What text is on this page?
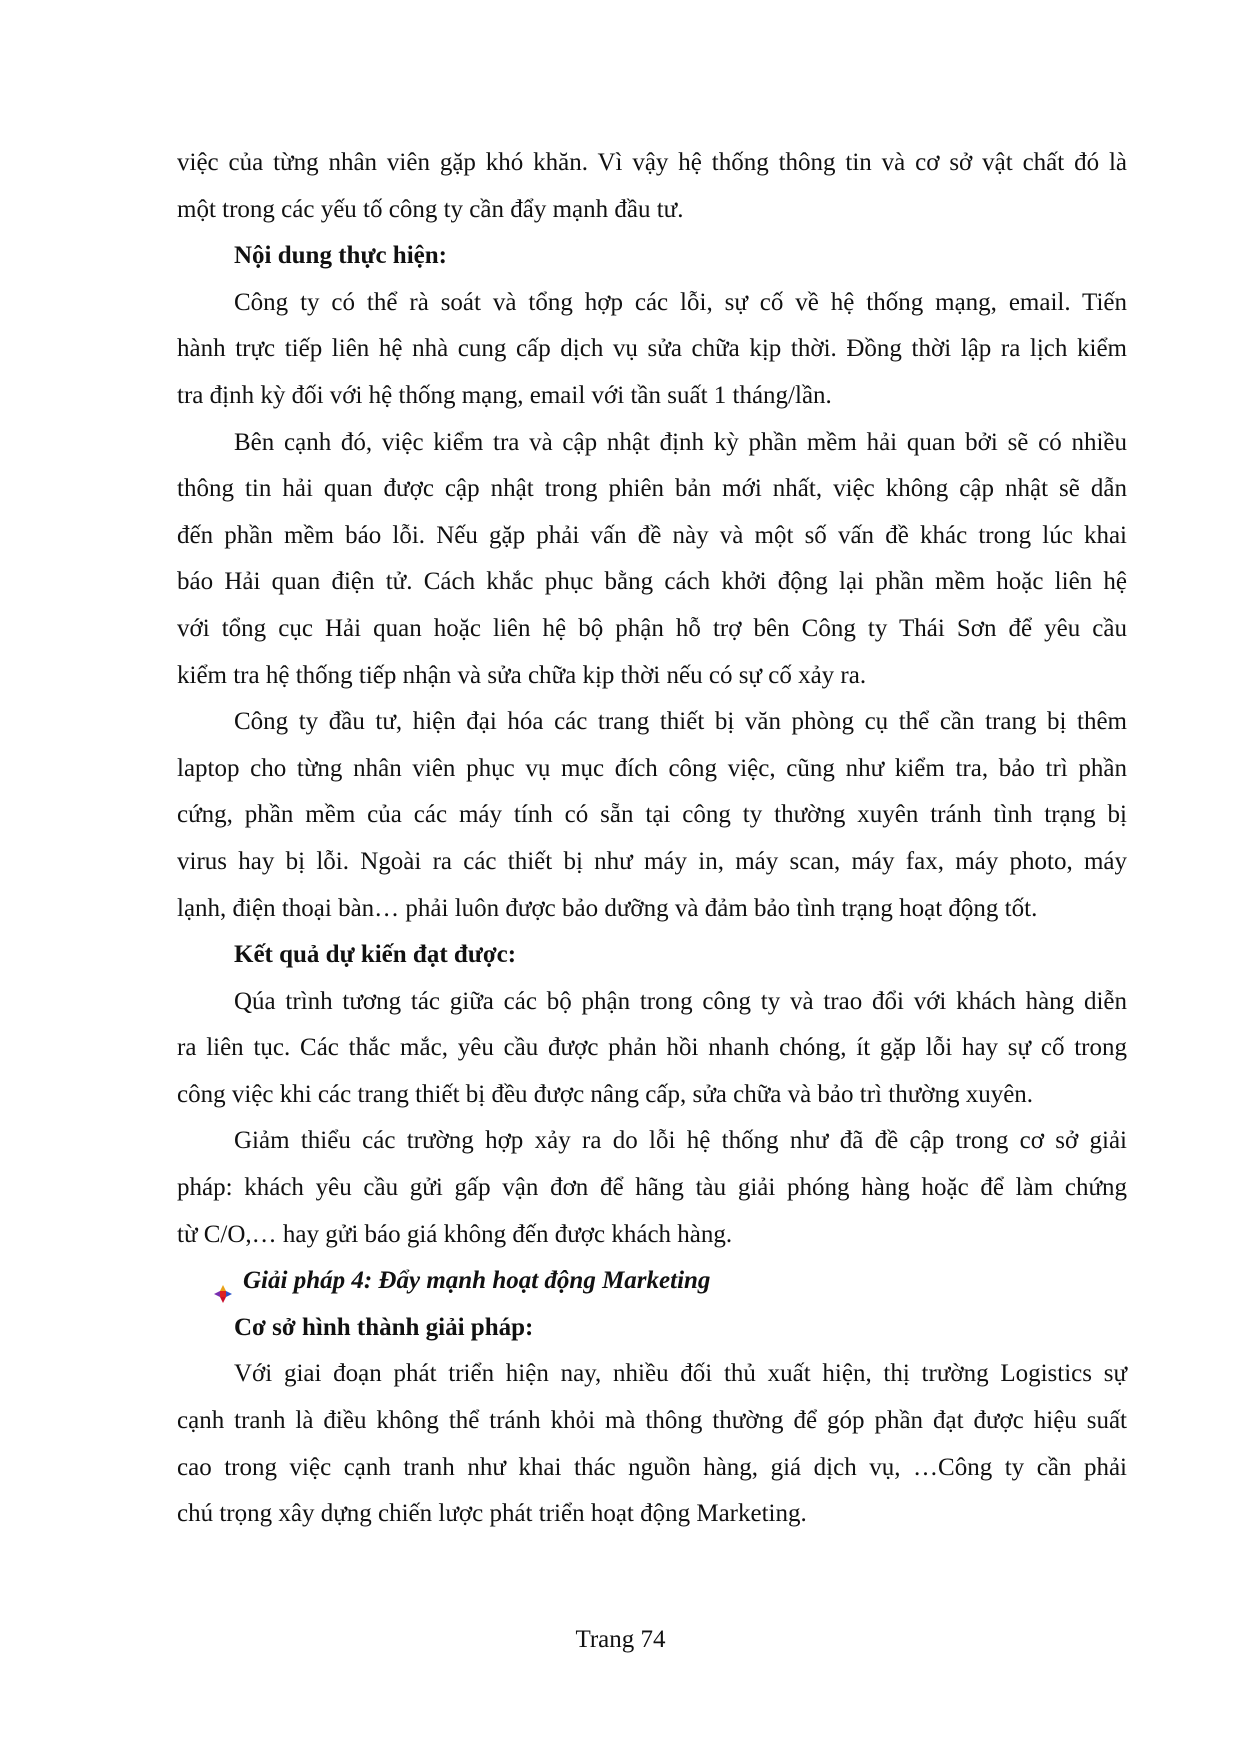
việc của từng nhân viên gặp khó khăn. Vì vậy hệ thống thông tin và cơ sở vật chất đó là
một trong các yếu tố công ty cần đẩy mạnh đầu tư.
Nội dung thực hiện:
Công ty có thể rà soát và tổng hợp các lỗi, sự cố về hệ thống mạng, email. Tiến
hành trực tiếp liên hệ nhà cung cấp dịch vụ sửa chữa kịp thời. Đồng thời lập ra lịch kiểm
tra định kỳ đối với hệ thống mạng, email với tần suất 1 tháng/lần.
Bên cạnh đó, việc kiểm tra và cập nhật định kỳ phần mềm hải quan bởi sẽ có nhiều
thông tin hải quan được cập nhật trong phiên bản mới nhất, việc không cập nhật sẽ dẫn
đến phần mềm báo lỗi. Nếu gặp phải vấn đề này và một số vấn đề khác trong lúc khai
báo Hải quan điện tử. Cách khắc phục bằng cách khởi động lại phần mềm hoặc liên hệ
với tổng cục Hải quan hoặc liên hệ bộ phận hỗ trợ bên Công ty Thái Sơn để yêu cầu
kiểm tra hệ thống tiếp nhận và sửa chữa kịp thời nếu có sự cố xảy ra.
Công ty đầu tư, hiện đại hóa các trang thiết bị văn phòng cụ thể cần trang bị thêm
laptop cho từng nhân viên phục vụ mục đích công việc, cũng như kiểm tra, bảo trì phần
cứng, phần mềm của các máy tính có sẵn tại công ty thường xuyên tránh tình trạng bị
virus hay bị lỗi. Ngoài ra các thiết bị như máy in, máy scan, máy fax, máy photo, máy
lạnh, điện thoại bàn… phải luôn được bảo dưỡng và đảm bảo tình trạng hoạt động tốt.
Kết quả dự kiến đạt được:
Qúa trình tương tác giữa các bộ phận trong công ty và trao đổi với khách hàng diễn
ra liên tục. Các thắc mắc, yêu cầu được phản hồi nhanh chóng, ít gặp lỗi hay sự cố trong
công việc khi các trang thiết bị đều được nâng cấp, sửa chữa và bảo trì thường xuyên.
Giảm thiểu các trường hợp xảy ra do lỗi hệ thống như đã đề cập trong cơ sở giải
pháp: khách yêu cầu gửi gấp vận đơn để hãng tàu giải phóng hàng hoặc để làm chứng
từ C/O,… hay gửi báo giá không đến được khách hàng.
Giải pháp 4: Đẩy mạnh hoạt động Marketing
Cơ sở hình thành giải pháp:
Với giai đoạn phát triển hiện nay, nhiều đối thủ xuất hiện, thị trường Logistics sự
cạnh tranh là điều không thể tránh khỏi mà thông thường để góp phần đạt được hiệu suất
cao trong việc cạnh tranh như khai thác nguồn hàng, giá dịch vụ, …Công ty cần phải
chú trọng xây dựng chiến lược phát triển hoạt động Marketing.
Trang 74
